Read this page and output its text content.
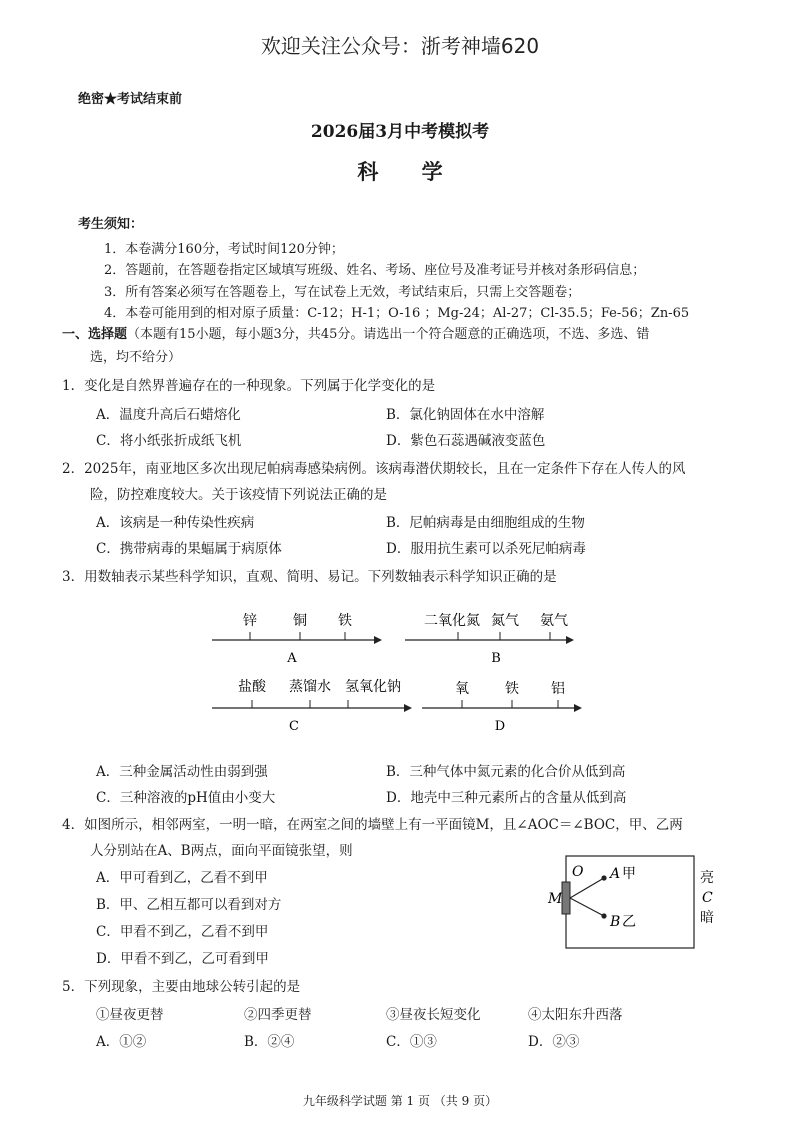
欢迎关注公众号：浙考神墙620
绝密★考试结束前
2026届3月中考模拟考
科 学
考生须知：
1．本卷满分160分，考试时间120分钟；
2．答题前，在答题卷指定区域填写班级、姓名、考场、座位号及准考证号并核对条形码信息；
3．所有答案必须写在答题卷上，写在试卷上无效，考试结束后，只需上交答题卷；
4．本卷可能用到的相对原子质量：C-12；H-1；O-16 ；Mg-24；Al-27；Cl-35.5；Fe-56；Zn-65
一、选择题（本题有15小题，每小题3分，共45分。请选出一个符合题意的正确选项，不选、多选、错
选，均不给分）
1．变化是自然界普遍存在的一种现象。下列属于化学变化的是
A．温度升高后石蜡熔化	B．氯化钠固体在水中溶解
C．将小纸张折成纸飞机	D．紫色石蕊遇碱液变蓝色
2．2025年，南亚地区多次出现尼帕病毒感染病例。该病毒潜伏期较长，且在一定条件下存在人传人的风
险，防控难度较大。关于该疫情下列说法正确的是
A．该病是一种传染性疾病	B．尼帕病毒是由细胞组成的生物
C．携带病毒的果蝠属于病原体	D．服用抗生素可以杀死尼帕病毒
3．用数轴表示某些科学知识，直观、简明、易记。下列数轴表示科学知识正确的是
锌	铜 铁
A
二氧化氮 氮气 氨气
B
盐酸 蒸馏水 氢氧化钠
C
氧	铁 铝
D
A．三种金属活动性由弱到强	B．三种气体中氮元素的化合价从低到高
C．三种溶液的pH值由小变大	D．地壳中三种元素所占的含量从低到高
4．如图所示，相邻两室，一明一暗，在两室之间的墙壁上有一平面镜M，且∠AOC＝∠BOC，甲、乙两
人分别站在A、B两点，面向平面镜张望，则
A．甲可看到乙，乙看不到甲
B．甲、乙相互都可以看到对方
C．甲看不到乙，乙看不到甲
D．甲看不到乙，乙可看到甲
M
O A 甲
B 乙
亮
C
暗
5．下列现象，主要由地球公转引起的是
①昼夜更替	②四季更替	③昼夜长短变化	④太阳东升西落
A．①②	B．②④	C．①③	D．②③
九年级科学试题 第 1 页 （共 9 页）
